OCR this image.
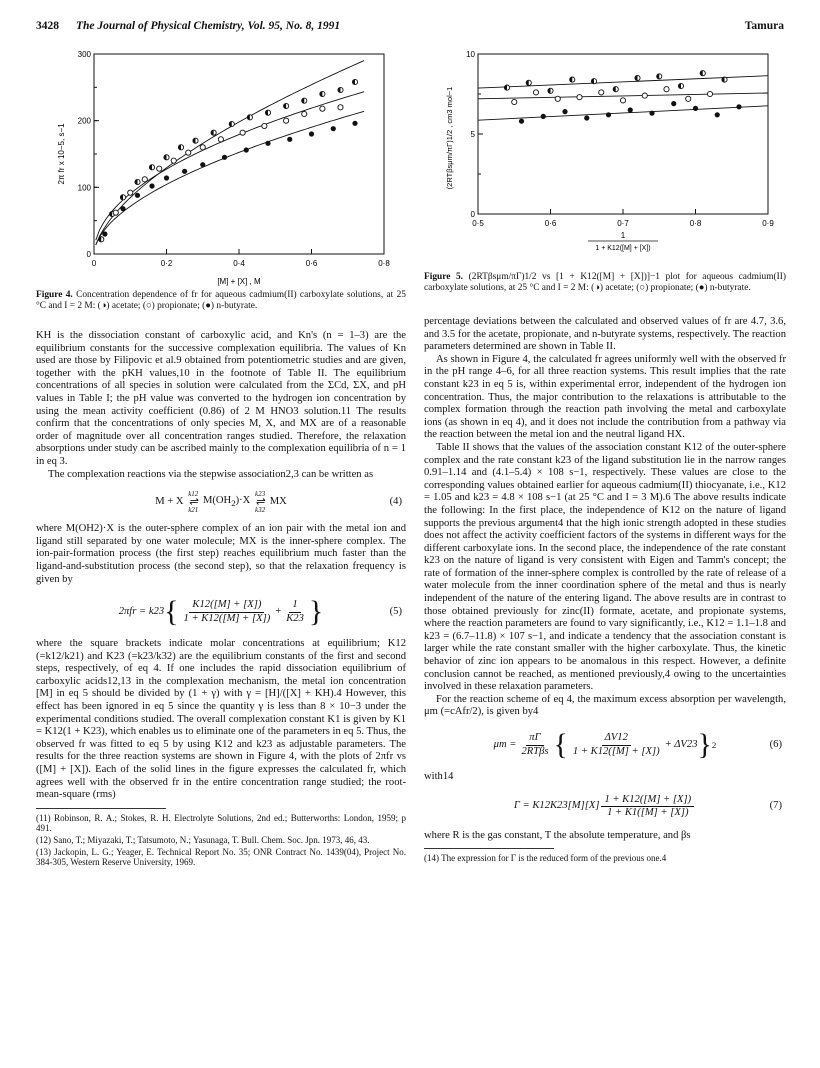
3428 The Journal of Physical Chemistry, Vol. 95, No. 8, 1991	Tamura
0	0·2	0·4	0·6	0·8
0
100
200
300
[M] + [X] , M
2π fr x 10−5, s−1
Figure 4. Concentration dependence of fr for aqueous cadmium(II) carboxylate solutions, at 25 °C and I = 2 M: (◑) acetate; (○) propionate; (●) n-butyrate.
0·5	0·6	0·7	0·8	0·9
0
5
10
1
1 + K12([M] + [X])
(2RTβsμm/πΓ)1/2 , cm3 mol−1
Figure 5. (2RTβsμm/πΓ)1/2 vs [1 + K12([M] + [X])]−1 plot for aqueous cadmium(II) carboxylate solutions, at 25 °C and I = 2 M: (◑) acetate; (○) propionate; (●) n-butyrate.

KH is the dissociation constant of carboxylic acid, and Kn's (n = 1–3) are the equilibrium constants for the successive complexation equilibria. The values of Kn used are those by Filipovic et al.9 obtained from potentiometric studies and are given, together with the pKH values,10 in the footnote of Table II. The equilibrium concentrations of all species in solution were calculated from the ΣCd, ΣX, and pH values in Table I; the pH value was converted to the hydrogen ion concentration by using the mean activity coefficient (0.86) of 2 M HNO3 solution.11 The results confirm that the concentrations of only species M, X, and MX are of a reasonable order of magnitude over all concentration ranges studied. Therefore, the relaxation absorptions under study can be ascribed mainly to the complexation equilibria of n = 1 in eq 3.

The complexation reactions via the stepwise association2,3 can be written as

M + X
k12
⇌
k21
$M(OH_2)\cdot X$
k23
⇌
k32
MX	(4)

where M(OH2)·X is the outer-sphere complex of an ion pair with the metal ion and ligand still separated by one water molecule; MX is the inner-sphere complex. The ion-pair-formation process (the first step) reaches equilibrium much faster than the ligand-and-substitution process (the second step), so that the relaxation frequency is given by

2πfr = k23 { $\frac{K12([M] + [X])}{1 + K12([M] + [X])} + \frac{1}{K23}$ }	(5)

where the square brackets indicate molar concentrations at equilibrium; K12 (=k12/k21) and K23 (=k23/k32) are the equilibrium constants of the first and second steps, respectively, of eq 4. If one includes the rapid dissociation equilibrium of carboxylic acids12,13 in the complexation mechanism, the metal ion concentration [M] in eq 5 should be divided by (1 + γ) with γ = [H]/([X] + KH).4 However, this effect has been ignored in eq 5 since the quantity γ is less than 8 × 10−3 under the experimental conditions studied. The overall complexation constant K1 is given by K1 = K12(1 + K23), which enables us to eliminate one of the parameters in eq 5. Thus, the observed fr was fitted to eq 5 by using K12 and k23 as adjustable parameters. The results for the three reaction systems are shown in Figure 4, with the plots of 2πfr vs ([M] + [X]). Each of the solid lines in the figure expresses the calculated fr, which agrees well with the observed fr in the entire concentration range studied; the root-mean-square (rms)

(11) Robinson, R. A.; Stokes, R. H. Electrolyte Solutions, 2nd ed.; Butterworths: London, 1959; p 491.

(12) Sano, T.; Miyazaki, T.; Tatsumoto, N.; Yasunaga, T. Bull. Chem. Soc. Jpn. 1973, 46, 43.

(13) Jackopin, L. G.; Yeager, E. Technical Report No. 35; ONR Contract No. 1439(04), Project No. 384-305, Western Reserve University, 1969.

percentage deviations between the calculated and observed values of fr are 4.7, 3.6, and 3.5 for the acetate, propionate, and n-butyrate systems, respectively. The reaction parameters determined are shown in Table II.

As shown in Figure 4, the calculated fr agrees uniformly well with the observed fr in the pH range 4–6, for all three reaction systems. This result implies that the rate constant k23 in eq 5 is, within experimental error, independent of the hydrogen ion concentration. Thus, the major contribution to the relaxations is attributable to the complex formation through the reaction path involving the metal and carboxylate ions (as shown in eq 4), and it does not include the contribution from a pathway via the reaction between the metal ion and the neutral ligand HX.

Table II shows that the values of the association constant K12 of the outer-sphere complex and the rate constant k23 of the ligand substitution lie in the narrow ranges 0.91–1.14 and (4.1–5.4) × 108 s−1, respectively. These values are close to the corresponding values obtained earlier for aqueous cadmium(II) thiocyanate, i.e., K12 = 1.05 and k23 = 4.8 × 108 s−1 (at 25 °C and I = 3 M).6 The above results indicate the following: In the first place, the independence of K12 on the nature of ligand supports the previous argument4 that the high ionic strength adopted in these studies does not affect the activity coefficient factors of the systems in different ways for the different carboxylate ions. In the second place, the independence of the rate constant k23 on the nature of ligand is very consistent with Eigen and Tamm's concept; the rate of formation of the inner-sphere complex is controlled by the rate of release of a water molecule from the inner coordination sphere of the metal and thus is nearly independent of the nature of the entering ligand. The above results are in contrast to those obtained previously for zinc(II) formate, acetate, and propionate systems, where the reaction parameters are found to vary significantly, i.e., K12 = 1.1–1.8 and k23 = (6.7–11.8) × 107 s−1, and indicate a tendency that the association constant is larger while the rate constant smaller with the higher carboxylate. Thus, the kinetic behavior of zinc ion appears to be anomalous in this respect. However, a definite conclusion cannot be reached, as mentioned previously,4 owing to the uncertainties involved in these relaxation parameters.

For the reaction scheme of eq 4, the maximum excess absorption per wavelength, μm (=cAfr/2), is given by4

$\mu m = \frac{\pi\Gamma}{\text{2RTβs}}$ { $\frac{\Delta V12}{1 + K12([M] + [X])} + \Delta V23$ } 2	(6)

with14

$\Gamma = K12K23[M][X] \frac{1 + K12([M] + [X])}{1 + K1([M] + [X])}$	(7)

where R is the gas constant, T the absolute temperature, and βs

(14) The expression for Γ is the reduced form of the previous one.4
